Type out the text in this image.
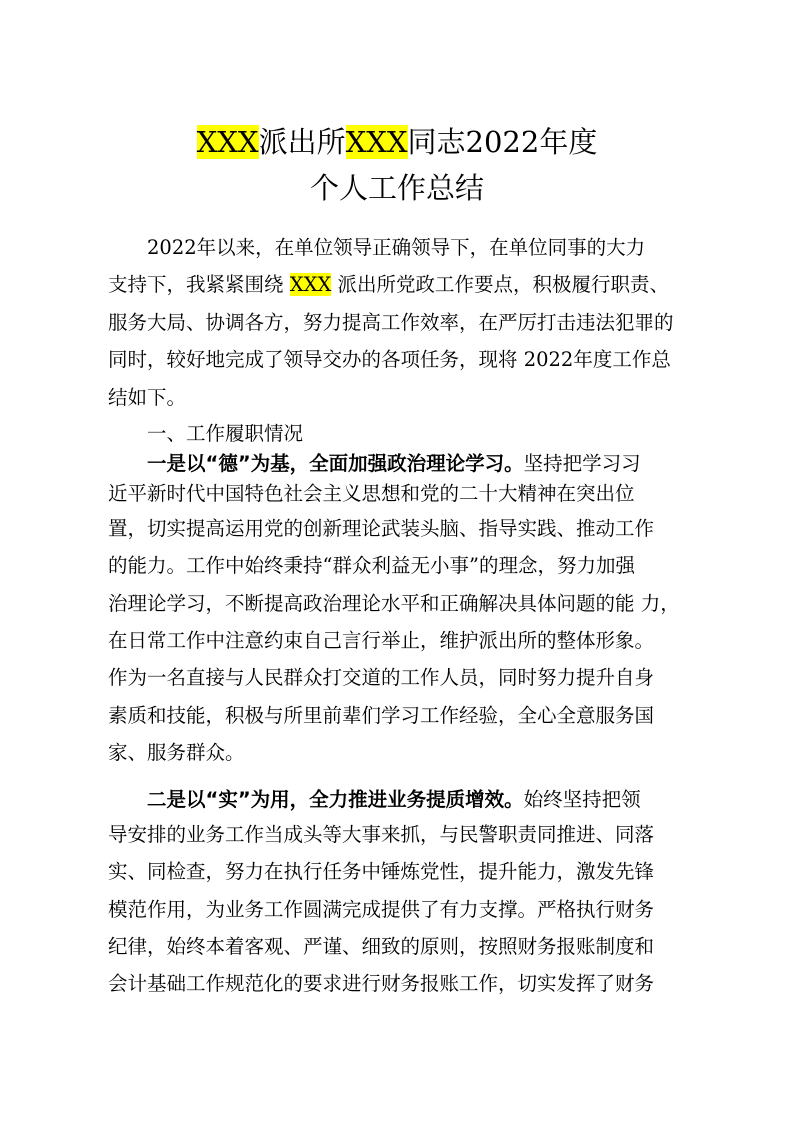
XXX派出所XXX同志2022年度
个人工作总结
2022年以来，在单位领导正确领导下，在单位同事的大力
支持下，我紧紧围绕 XXX 派出所党政工作要点，积极履行职责、
服务大局、协调各方，努力提高工作效率，在严厉打击违法犯罪的
同时，较好地完成了领导交办的各项任务，现将 2022年度工作总
结如下。
一、工作履职情况
一是以“德”为基，全面加强政治理论学习。坚持把学习习
近平新时代中国特色社会主义思想和党的二十大精神在突出位
置，切实提高运用党的创新理论武装头脑、指导实践、推动工作
的能力。工作中始终秉持“群众利益无小事”的理念，努力加强
治理论学习，不断提高政治理论水平和正确解决具体问题的能 力，
在日常工作中注意约束自己言行举止，维护派出所的整体形象。
作为一名直接与人民群众打交道的工作人员，同时努力提升自身
素质和技能，积极与所里前辈们学习工作经验，全心全意服务国
家、服务群众。
二是以“实”为用，全力推进业务提质增效。始终坚持把领
导安排的业务工作当成头等大事来抓，与民警职责同推进、同落
实、同检查，努力在执行任务中锤炼党性，提升能力，激发先锋
模范作用，为业务工作圆满完成提供了有力支撑。严格执行财务
纪律，始终本着客观、严谨、细致的原则，按照财务报账制度和
会计基础工作规范化的要求进行财务报账工作，切实发挥了财务
